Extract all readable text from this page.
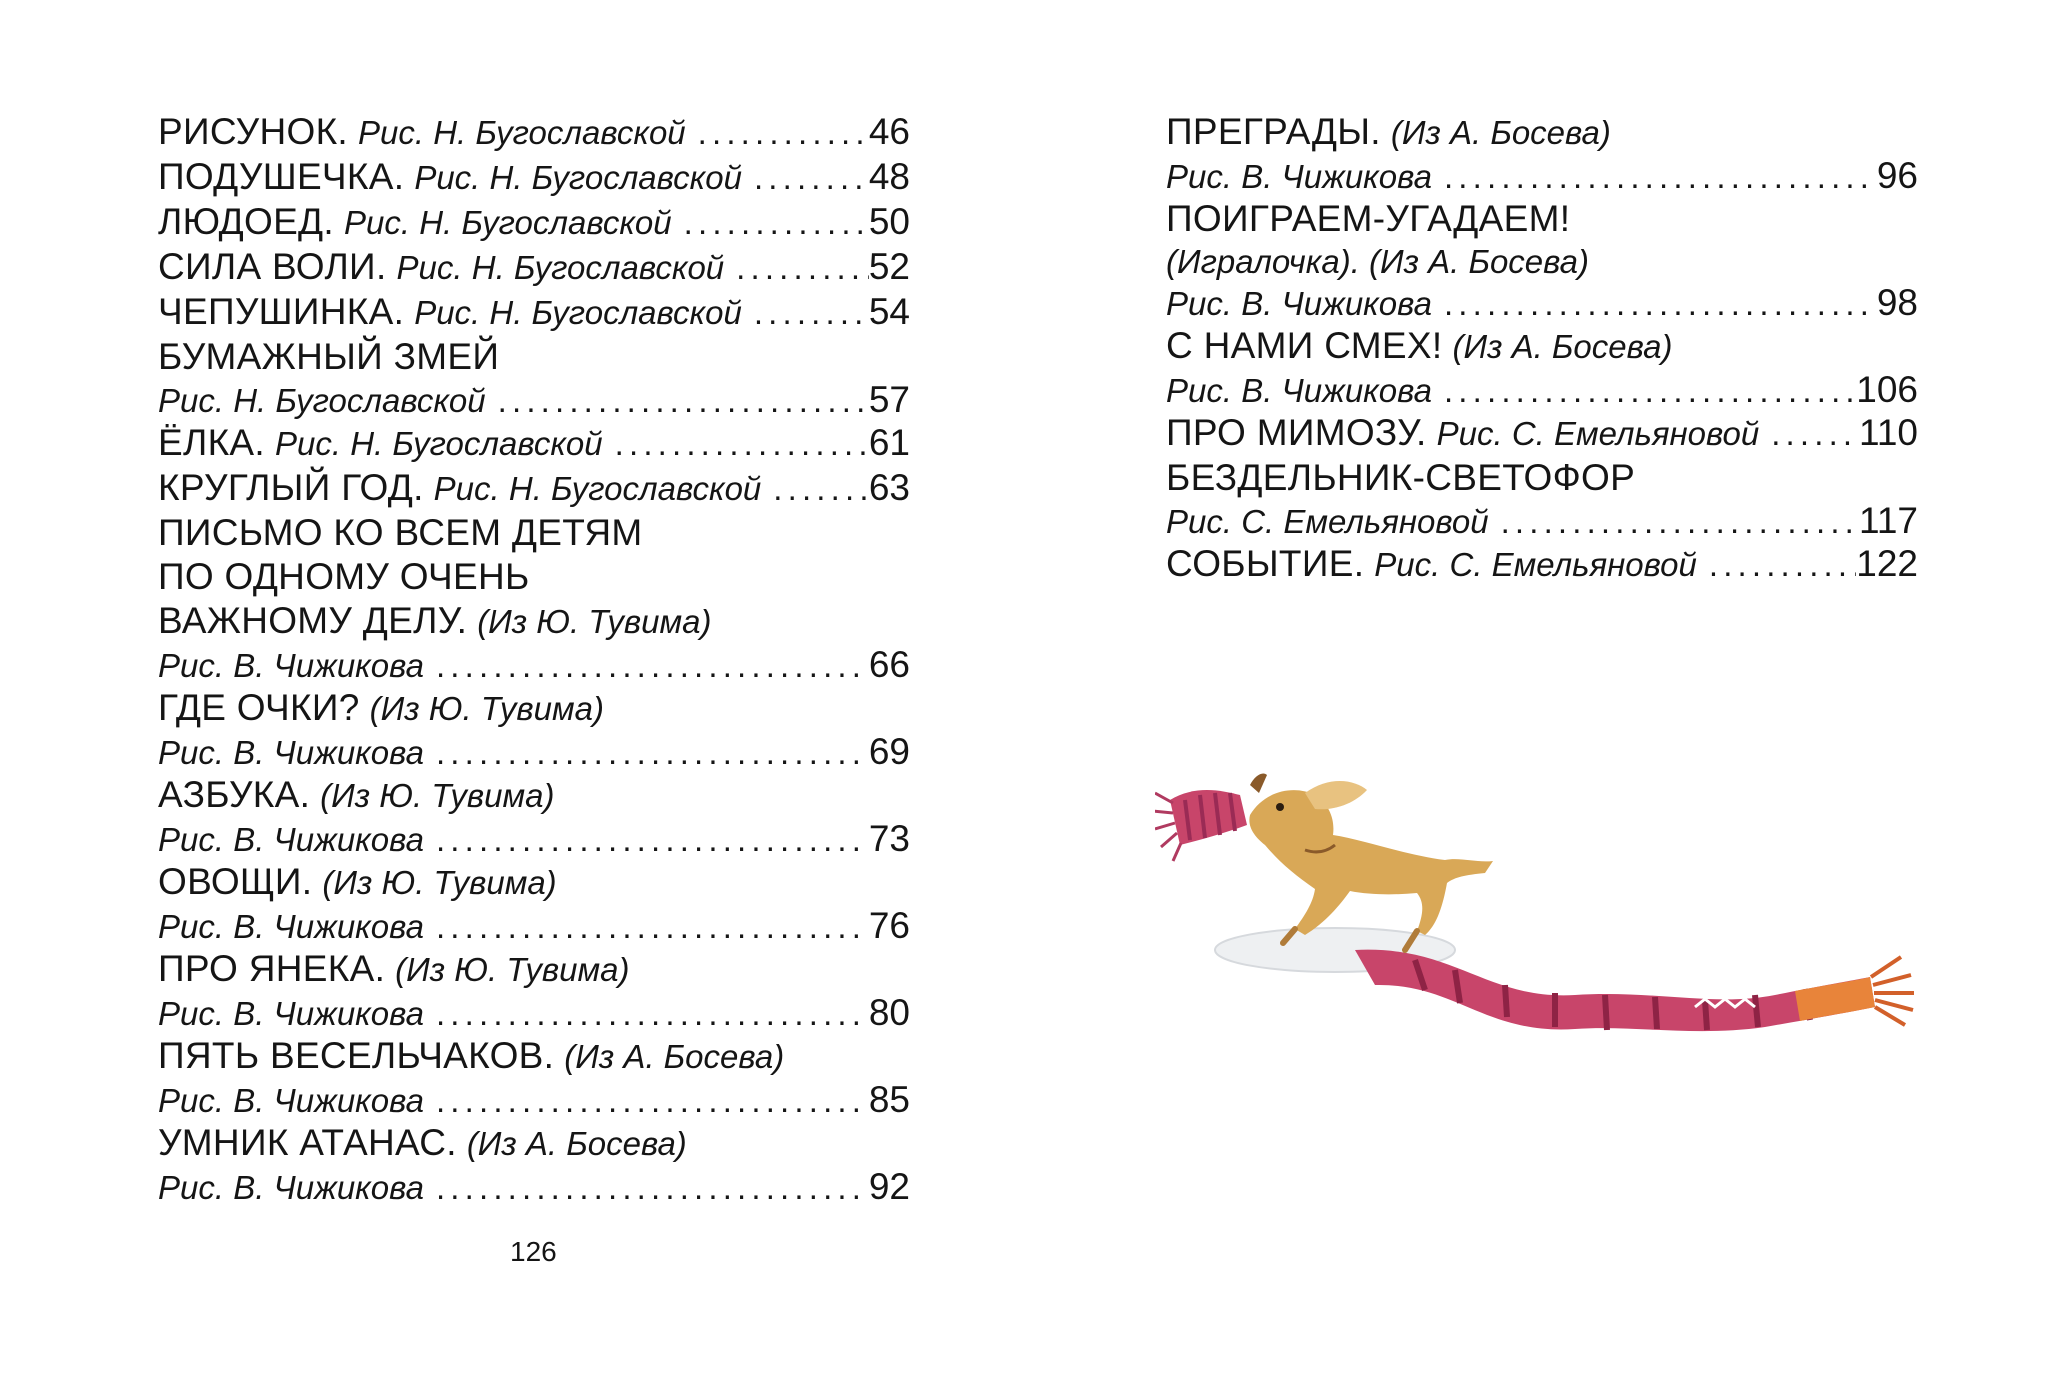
РИСУНОК. Рис. Н. Бугославской . . .	46
ПОДУШЕЧКА. Рис. Н. Бугославской . . .	48
ЛЮДОЕД. Рис. Н. Бугославской . . .	50
СИЛА ВОЛИ. Рис. Н. Бугославской . . .	52
ЧЕПУШИНКА. Рис. Н. Бугославской . . .	54
БУМАЖНЫЙ ЗМЕЙ
Рис. Н. Бугославской . . .	57
ЁЛКА. Рис. Н. Бугославской . . .	61
КРУГЛЫЙ ГОД. Рис. Н. Бугославской . . .	63
ПИСЬМО КО ВСЕМ ДЕТЯМ
ПО ОДНОМУ ОЧЕНЬ
ВАЖНОМУ ДЕЛУ. (Из Ю. Тувима)
Рис. В. Чижикова . . .	66
ГДЕ ОЧКИ? (Из Ю. Тувима)
Рис. В. Чижикова . . .	69
АЗБУКА. (Из Ю. Тувима)
Рис. В. Чижикова . . .	73
ОВОЩИ. (Из Ю. Тувима)
Рис. В. Чижикова . . .	76
ПРО ЯНЕКА. (Из Ю. Тувима)
Рис. В. Чижикова . . .	80
ПЯТЬ ВЕСЕЛЬЧАКОВ. (Из А. Босева)
Рис. В. Чижикова . . .	85
УМНИК АТАНАС. (Из А. Босева)
Рис. В. Чижикова . . .	92
ПРЕГРАДЫ. (Из А. Босева)
Рис. В. Чижикова . . .	96
ПОИГРАЕМ-УГАДАЕМ!
(Игралочка). (Из А. Босева)
Рис. В. Чижикова . . .	98
С НАМИ СМЕХ! (Из А. Босева)
Рис. В. Чижикова . . .	106
ПРО МИМОЗУ. Рис. С. Емельяновой . . .	110
БЕЗДЕЛЬНИК-СВЕТОФОР
Рис. С. Емельяновой . . .	117
СОБЫТИЕ. Рис. С. Емельяновой . . .	122
126
